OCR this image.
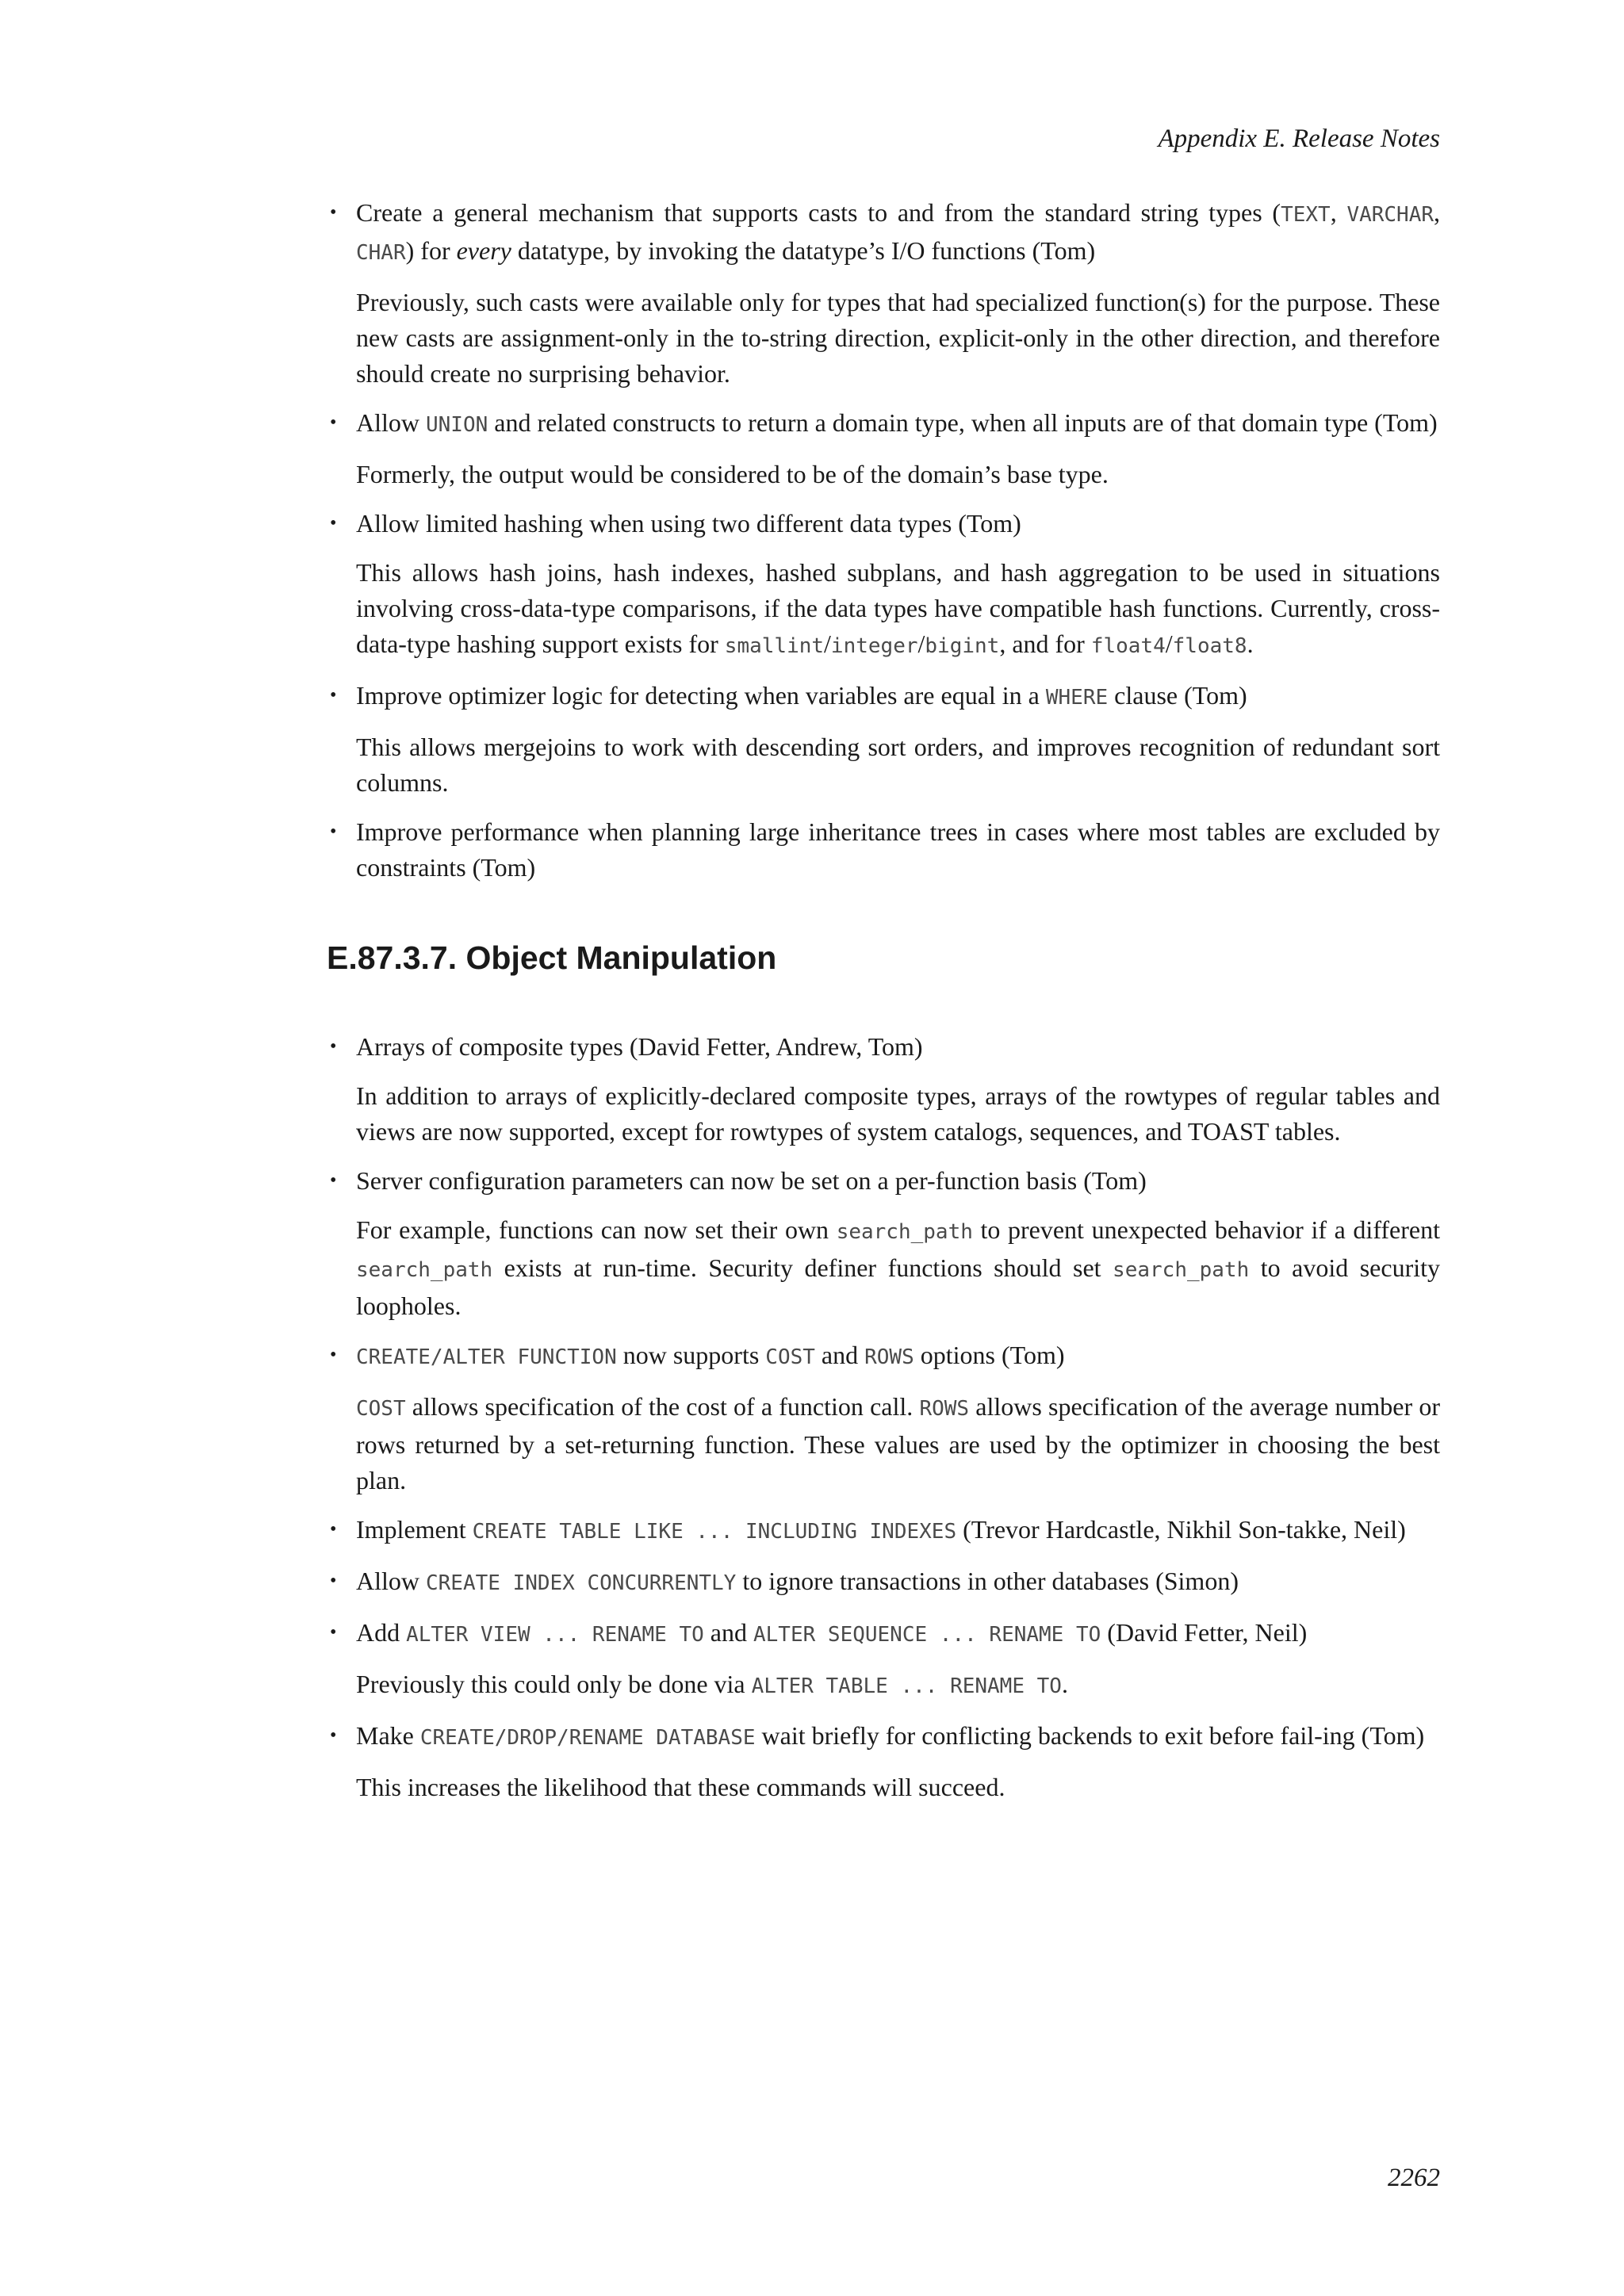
Appendix E. Release Notes
• Create a general mechanism that supports casts to and from the standard string types (TEXT, VARCHAR, CHAR) for every datatype, by invoking the datatype’s I/O functions (Tom)

Previously, such casts were available only for types that had specialized function(s) for the purpose. These new casts are assignment-only in the to-string direction, explicit-only in the other direction, and therefore should create no surprising behavior.

• Allow UNION and related constructs to return a domain type, when all inputs are of that domain type (Tom)

Formerly, the output would be considered to be of the domain’s base type.

• Allow limited hashing when using two different data types (Tom)

This allows hash joins, hash indexes, hashed subplans, and hash aggregation to be used in situations involving cross-data-type comparisons, if the data types have compatible hash functions. Currently, cross-data-type hashing support exists for smallint/integer/bigint, and for float4/float8.

• Improve optimizer logic for detecting when variables are equal in a WHERE clause (Tom)

This allows mergejoins to work with descending sort orders, and improves recognition of redundant sort columns.

• Improve performance when planning large inheritance trees in cases where most tables are excluded by constraints (Tom)

E.87.3.7. Object Manipulation
• Arrays of composite types (David Fetter, Andrew, Tom)

In addition to arrays of explicitly-declared composite types, arrays of the rowtypes of regular tables and views are now supported, except for rowtypes of system catalogs, sequences, and TOAST tables.

• Server configuration parameters can now be set on a per-function basis (Tom)

For example, functions can now set their own search_path to prevent unexpected behavior if a different search_path exists at run-time. Security definer functions should set search_path to avoid security loopholes.

• CREATE/ALTER FUNCTION now supports COST and ROWS options (Tom)

COST allows specification of the cost of a function call. ROWS allows specification of the average number or rows returned by a set-returning function. These values are used by the optimizer in choosing the best plan.

• Implement CREATE TABLE LIKE ... INCLUDING INDEXES (Trevor Hardcastle, Nikhil Son-takke, Neil)

• Allow CREATE INDEX CONCURRENTLY to ignore transactions in other databases (Simon)

• Add ALTER VIEW ... RENAME TO and ALTER SEQUENCE ... RENAME TO (David Fetter, Neil)

Previously this could only be done via ALTER TABLE ... RENAME TO.

• Make CREATE/DROP/RENAME DATABASE wait briefly for conflicting backends to exit before fail-ing (Tom)

This increases the likelihood that these commands will succeed.

2262
